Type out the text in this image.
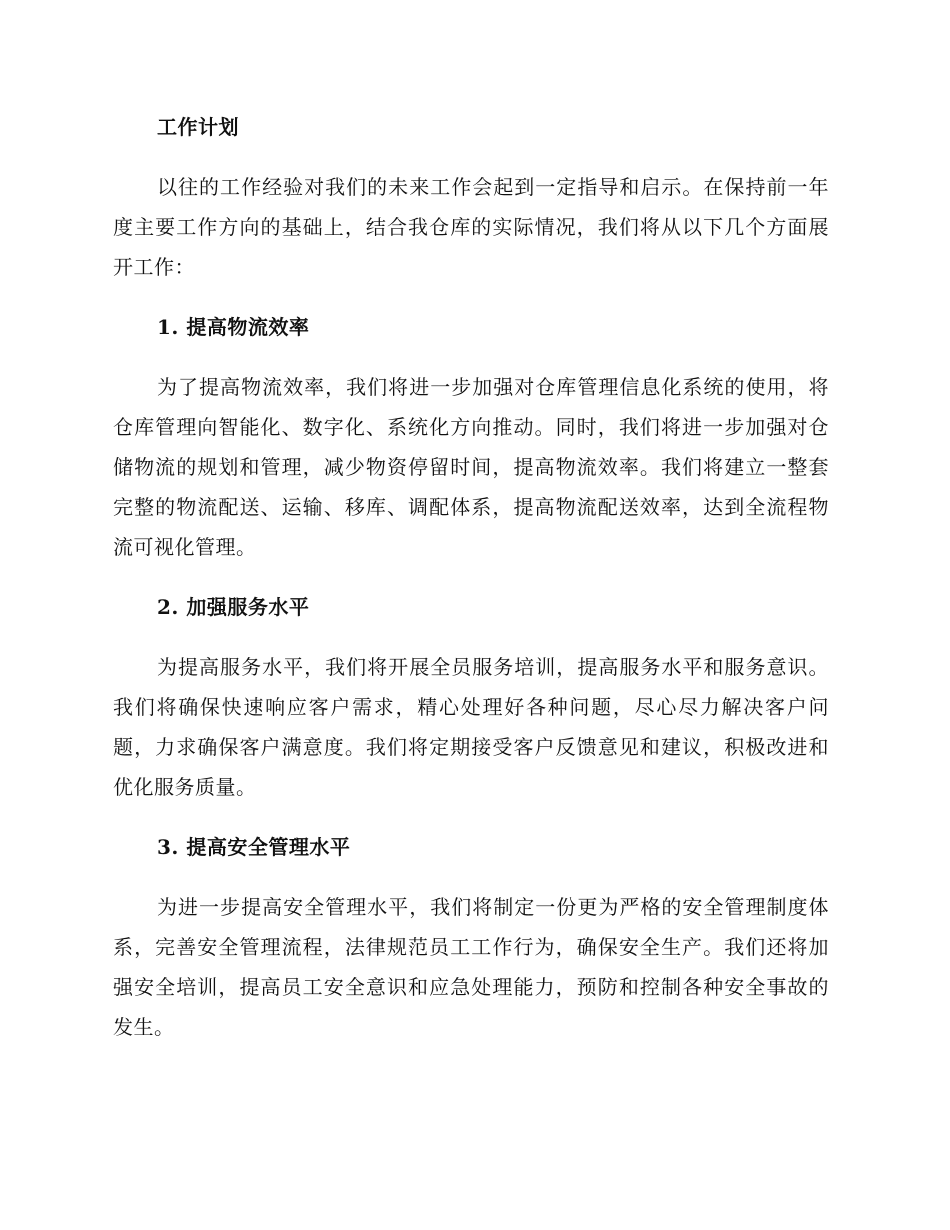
工作计划

以往的工作经验对我们的未来工作会起到一定指导和启示。在保持前一年度主要工作方向的基础上，结合我仓库的实际情况，我们将从以下几个方面展开工作：

1. 提高物流效率

为了提高物流效率，我们将进一步加强对仓库管理信息化系统的使用，将仓库管理向智能化、数字化、系统化方向推动。同时，我们将进一步加强对仓储物流的规划和管理，减少物资停留时间，提高物流效率。我们将建立一整套完整的物流配送、运输、移库、调配体系，提高物流配送效率，达到全流程物流可视化管理。

2. 加强服务水平

为提高服务水平，我们将开展全员服务培训，提高服务水平和服务意识。我们将确保快速响应客户需求，精心处理好各种问题，尽心尽力解决客户问题，力求确保客户满意度。我们将定期接受客户反馈意见和建议，积极改进和优化服务质量。

3. 提高安全管理水平

为进一步提高安全管理水平，我们将制定一份更为严格的安全管理制度体系，完善安全管理流程，法律规范员工工作行为，确保安全生产。我们还将加强安全培训，提高员工安全意识和应急处理能力，预防和控制各种安全事故的发生。
